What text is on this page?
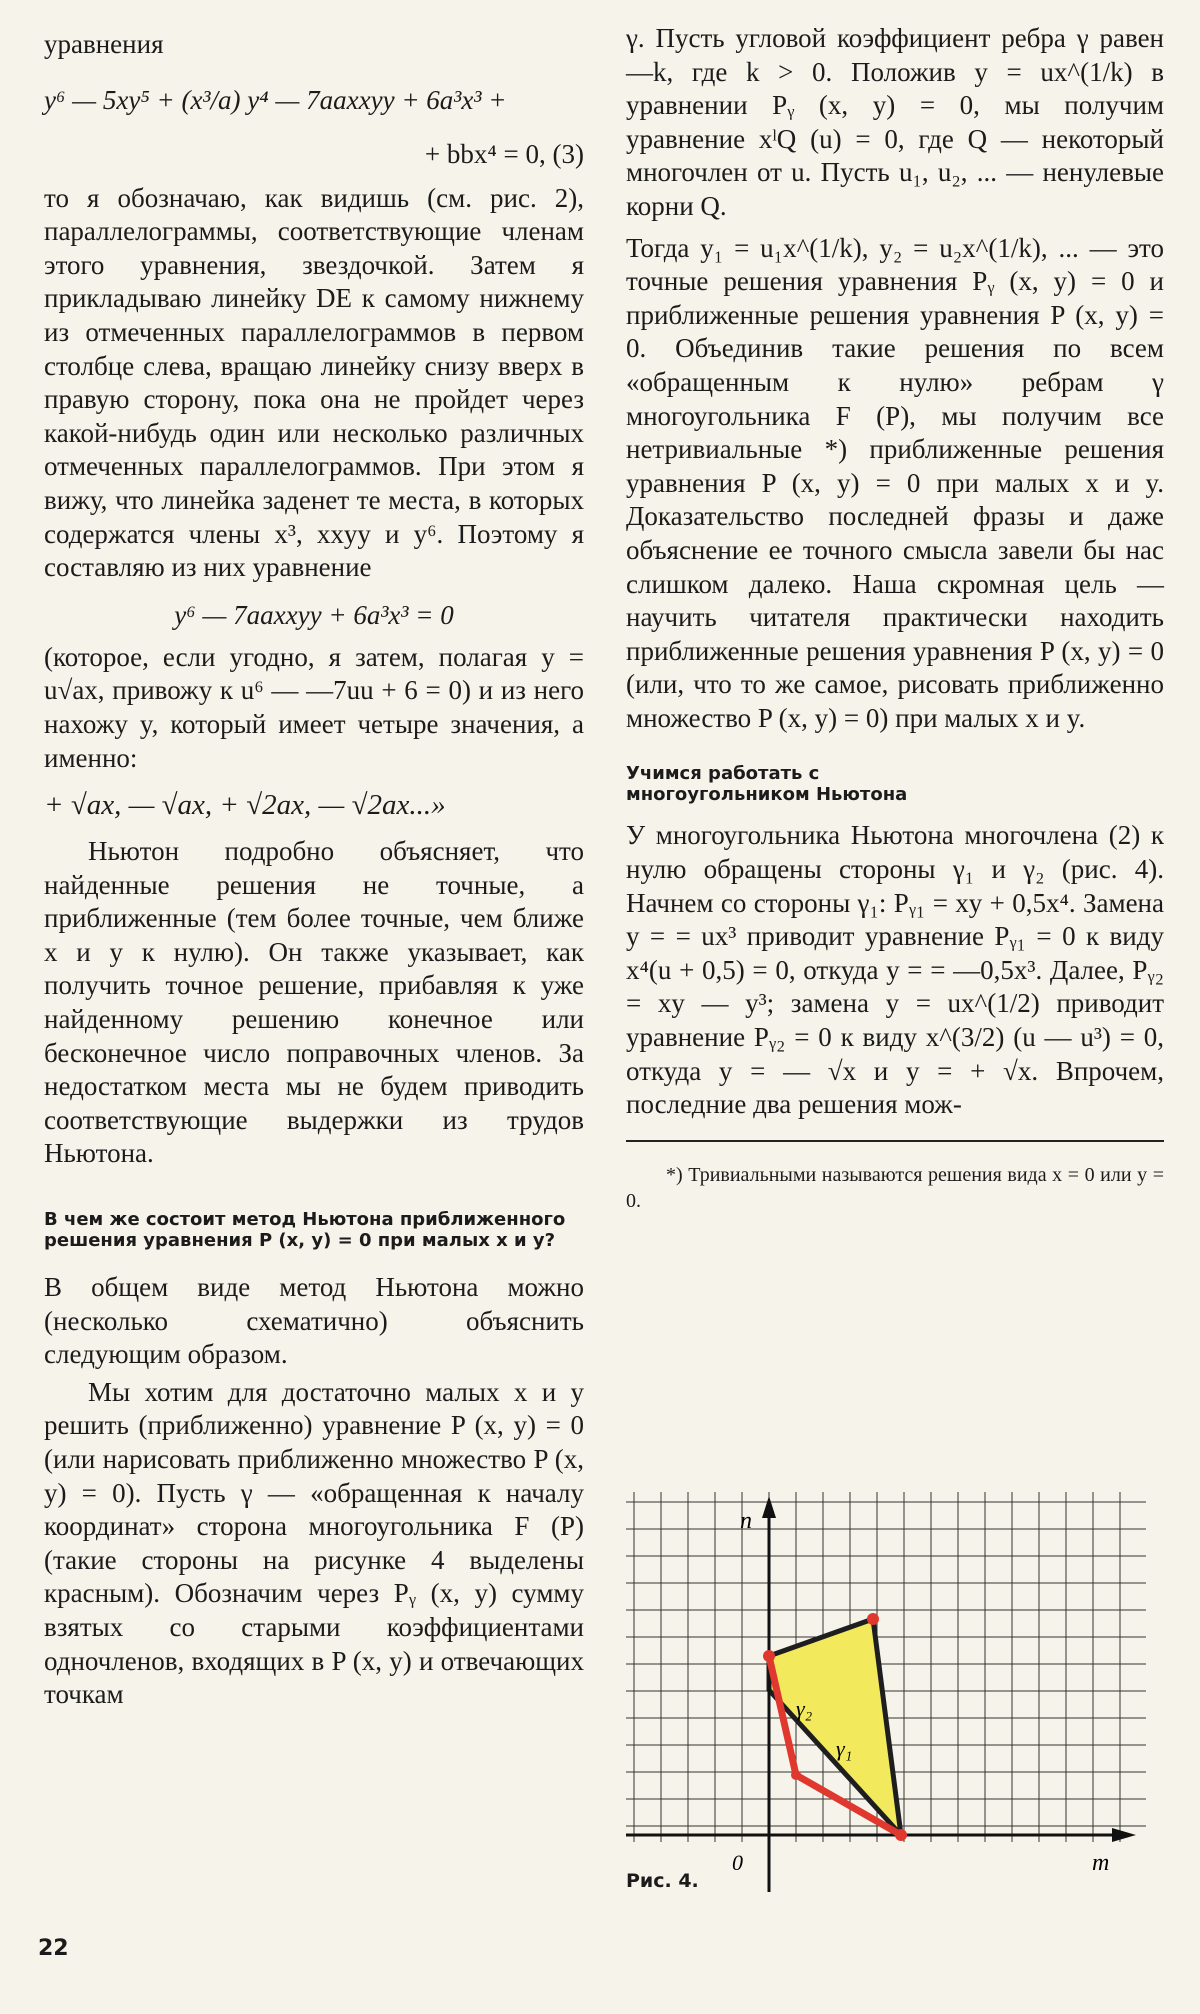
уравнения

y⁶ — 5xy⁵ + (x³/a) y⁴ — 7aaxxyy + 6a³x³ +
+ bbx⁴ = 0, (3)

то я обозначаю, как видишь (см. рис. 2), параллелограммы, соответствующие членам этого уравнения, звездочкой. Затем я прикладываю линейку DE к самому нижнему из отмеченных параллелограммов в первом столбце слева, вращаю линейку снизу вверх в правую сторону, пока она не пройдет через какой-нибудь один или несколько различных отмеченных параллелограммов. При этом я вижу, что линейка заденет те места, в которых содержатся члены x³, xxyy и y⁶. Поэтому я составляю из них уравнение

y⁶ — 7aaxxyy + 6a³x³ = 0

(которое, если угодно, я затем, полагая y = u√ax, привожу к u⁶ — —7uu + 6 = 0) и из него нахожу y, который имеет четыре значения, а именно:

+ √ax, — √ax, + √2ax, — √2ax...»

Ньютон подробно объясняет, что найденные решения не точные, а приближенные (тем более точные, чем ближе x и y к нулю). Он также указывает, как получить точное решение, прибавляя к уже найденному решению конечное или бесконечное число поправочных членов. За недостатком места мы не будем приводить соответствующие выдержки из трудов Ньютона.

В чем же состоит метод Ньютона приближенного решения уравнения P (x, y) = 0 при малых x и y?

В общем виде метод Ньютона можно (несколько схематично) объяснить следующим образом.

Мы хотим для достаточно малых x и y решить (приближенно) уравнение P (x, y) = 0 (или нарисовать приближенно множество P (x, y) = 0). Пусть γ — «обращенная к началу координат» сторона многоугольника F (P) (такие стороны на рисунке 4 выделены красным). Обозначим через Pᵧ (x, y) сумму взятых со старыми коэффициентами одночленов, входящих в P (x, y) и отвечающих точкам

γ. Пусть угловой коэффициент ребра γ равен —k, где k > 0. Положив y = ux^(1/k) в уравнении Pᵧ (x, y) = 0, мы получим уравнение xˡQ (u) = 0, где Q — некоторый многочлен от u. Пусть u₁, u₂, ... — ненулевые корни Q.

Тогда y₁ = u₁x^(1/k), y₂ = u₂x^(1/k), ... — это точные решения уравнения Pᵧ (x, y) = 0 и приближенные решения уравнения P (x, y) = 0. Объединив такие решения по всем «обращенным к нулю» ребрам γ многоугольника F (P), мы получим все нетривиальные *) приближенные решения уравнения P (x, y) = 0 при малых x и y. Доказательство последней фразы и даже объяснение ее точного смысла завели бы нас слишком далеко. Наша скромная цель — научить читателя практически находить приближенные решения уравнения P (x, y) = 0 (или, что то же самое, рисовать приближенно множество P (x, y) = 0) при малых x и y.

Учимся работать с многоугольником Ньютона

У многоугольника Ньютона многочлена (2) к нулю обращены стороны γ₁ и γ₂ (рис. 4). Начнем со стороны γ₁: Pᵧ₁ = xy + 0,5x⁴. Замена y = = ux³ приводит уравнение Pᵧ₁ = 0 к виду x⁴(u + 0,5) = 0, откуда y = = —0,5x³. Далее, Pᵧ₂ = xy — y³; замена y = ux^(1/2) приводит уравнение Pᵧ₂ = 0 к виду x^(3/2) (u — u³) = 0, откуда y = — √x и y = + √x. Впрочем, последние два решения мож-

*) Тривиальными называются решения вида x = 0 или y = 0.

n
m
0
γ₂
γ₁
Рис. 4.
22
